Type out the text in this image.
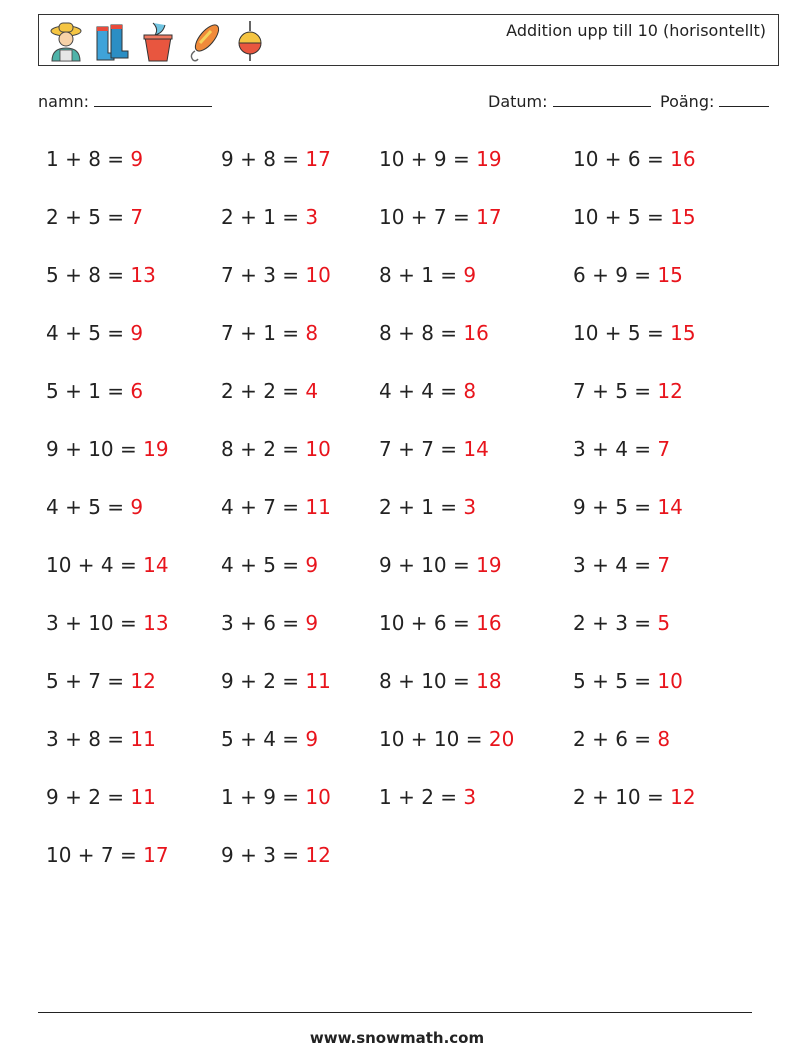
Addition upp till 10 (horisontellt)
namn:	Datum:	Poäng:
1 + 8 = 9
2 + 5 = 7
5 + 8 = 13
4 + 5 = 9
5 + 1 = 6
9 + 10 = 19
4 + 5 = 9
10 + 4 = 14
3 + 10 = 13
5 + 7 = 12
3 + 8 = 11
9 + 2 = 11
10 + 7 = 17
9 + 8 = 17
2 + 1 = 3
7 + 3 = 10
7 + 1 = 8
2 + 2 = 4
8 + 2 = 10
4 + 7 = 11
4 + 5 = 9
3 + 6 = 9
9 + 2 = 11
5 + 4 = 9
1 + 9 = 10
9 + 3 = 12
10 + 9 = 19
10 + 7 = 17
8 + 1 = 9
8 + 8 = 16
4 + 4 = 8
7 + 7 = 14
2 + 1 = 3
9 + 10 = 19
10 + 6 = 16
8 + 10 = 18
10 + 10 = 20
1 + 2 = 3
10 + 6 = 16
10 + 5 = 15
6 + 9 = 15
10 + 5 = 15
7 + 5 = 12
3 + 4 = 7
9 + 5 = 14
3 + 4 = 7
2 + 3 = 5
5 + 5 = 10
2 + 6 = 8
2 + 10 = 12
www.snowmath.com
